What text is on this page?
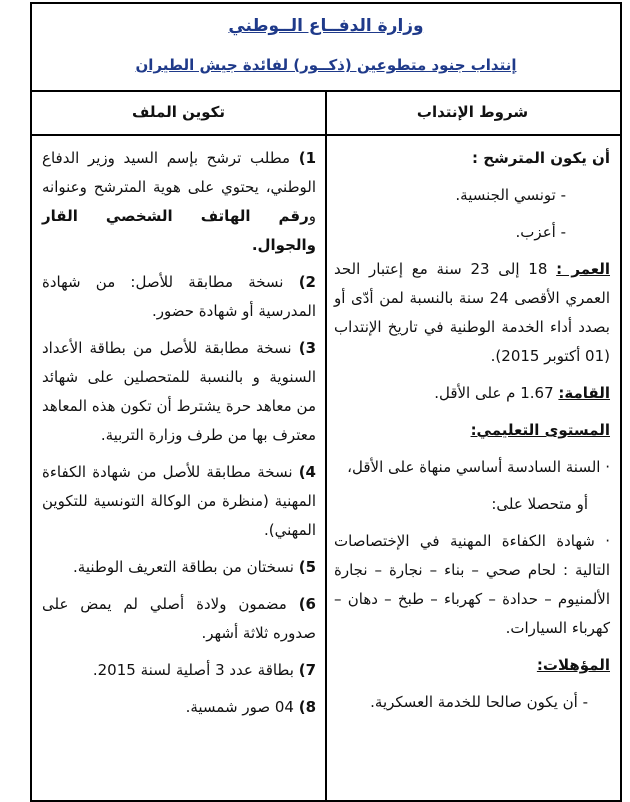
وزارة الدفــاع الــوطني
إنتداب جنود متطوعين (ذكــور) لفائدة جيش الطيران
شروط الإنتداب
تكوين الملف

أن يكون المترشح :

- تونسي الجنسية.

- أعزب.

العمر : 18 إلى 23 سنة مع إعتبار الحد العمري الأقصى 24 سنة بالنسبة لمن أدّى أو بصدد أداء الخدمة الوطنية في تاريخ الإنتداب (01 أكتوبر 2015).

القامة: 1.67 م على الأقل.

المستوى التعليمي:

· السنة السادسة أساسي منهاة على الأقل،

أو متحصلا على:

· شهادة الكفاءة المهنية في الإختصاصات التالية : لحام صحي – بناء – نجارة – نجارة الألمنيوم – حدادة – كهرباء – طبخ – دهان – كهرباء السيارات.

المؤهلات:

- أن يكون صالحا للخدمة العسكرية.

1) مطلب ترشح بإسم السيد وزير الدفاع الوطني، يحتوي على هوية المترشح وعنوانه ورقم الهاتف الشخصي القار والجوال.

2) نسخة مطابقة للأصل: من شهادة المدرسية أو شهادة حضور.

3) نسخة مطابقة للأصل من بطاقة الأعداد السنوية و بالنسبة للمتحصلين على شهائد من معاهد حرة يشترط أن تكون هذه المعاهد معترف بها من طرف وزارة التربية.

4) نسخة مطابقة للأصل من شهادة الكفاءة المهنية (منظرة من الوكالة التونسية للتكوين المهني).

5) نسختان من بطاقة التعريف الوطنية.

6) مضمون ولادة أصلي لم يمض على صدوره ثلاثة أشهر.

7) بطاقة عدد 3 أصلية لسنة 2015.

8) 04 صور شمسية.
